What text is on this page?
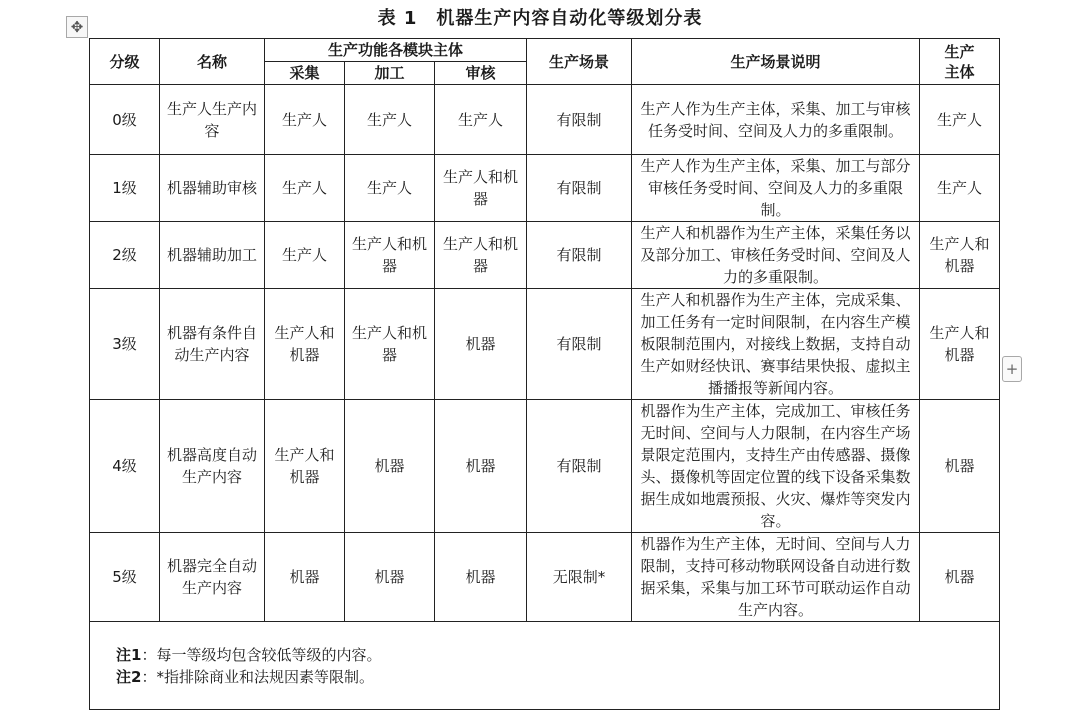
表 1　机器生产内容自动化等级划分表
✥
+
分级	名称	生产功能各模块主体			生产场景	生产场景说明	生产
主体
		采集	加工	审核			
0级	生产人生产内容	生产人	生产人	生产人	有限制	生产人作为生产主体，采集、加工与审核任务受时间、空间及人力的多重限制。	生产人
1级	机器辅助审核	生产人	生产人	生产人和机器	有限制	生产人作为生产主体，采集、加工与部分审核任务受时间、空间及人力的多重限制。	生产人
2级	机器辅助加工	生产人	生产人和机器	生产人和机器	有限制	生产人和机器作为生产主体，采集任务以及部分加工、审核任务受时间、空间及人力的多重限制。	生产人和机器
3级	机器有条件自动生产内容	生产人和机器	生产人和机器	机器	有限制	生产人和机器作为生产主体，完成采集、加工任务有一定时间限制，在内容生产模板限制范围内，对接线上数据，支持自动生产如财经快讯、赛事结果快报、虚拟主播播报等新闻内容。	生产人和机器
4级	机器高度自动生产内容	生产人和机器	机器	机器	有限制	机器作为生产主体，完成加工、审核任务无时间、空间与人力限制，在内容生产场景限定范围内，支持生产由传感器、摄像头、摄像机等固定位置的线下设备采集数据生成如地震预报、火灾、爆炸等突发内容。	机器
5级	机器完全自动生产内容	机器	机器	机器	无限制*	机器作为生产主体，无时间、空间与人力限制，支持可移动物联网设备自动进行数据采集，采集与加工环节可联动运作自动生产内容。	机器

注1：每一等级均包含较低等级的内容。
注2：*指排除商业和法规因素等限制。							
